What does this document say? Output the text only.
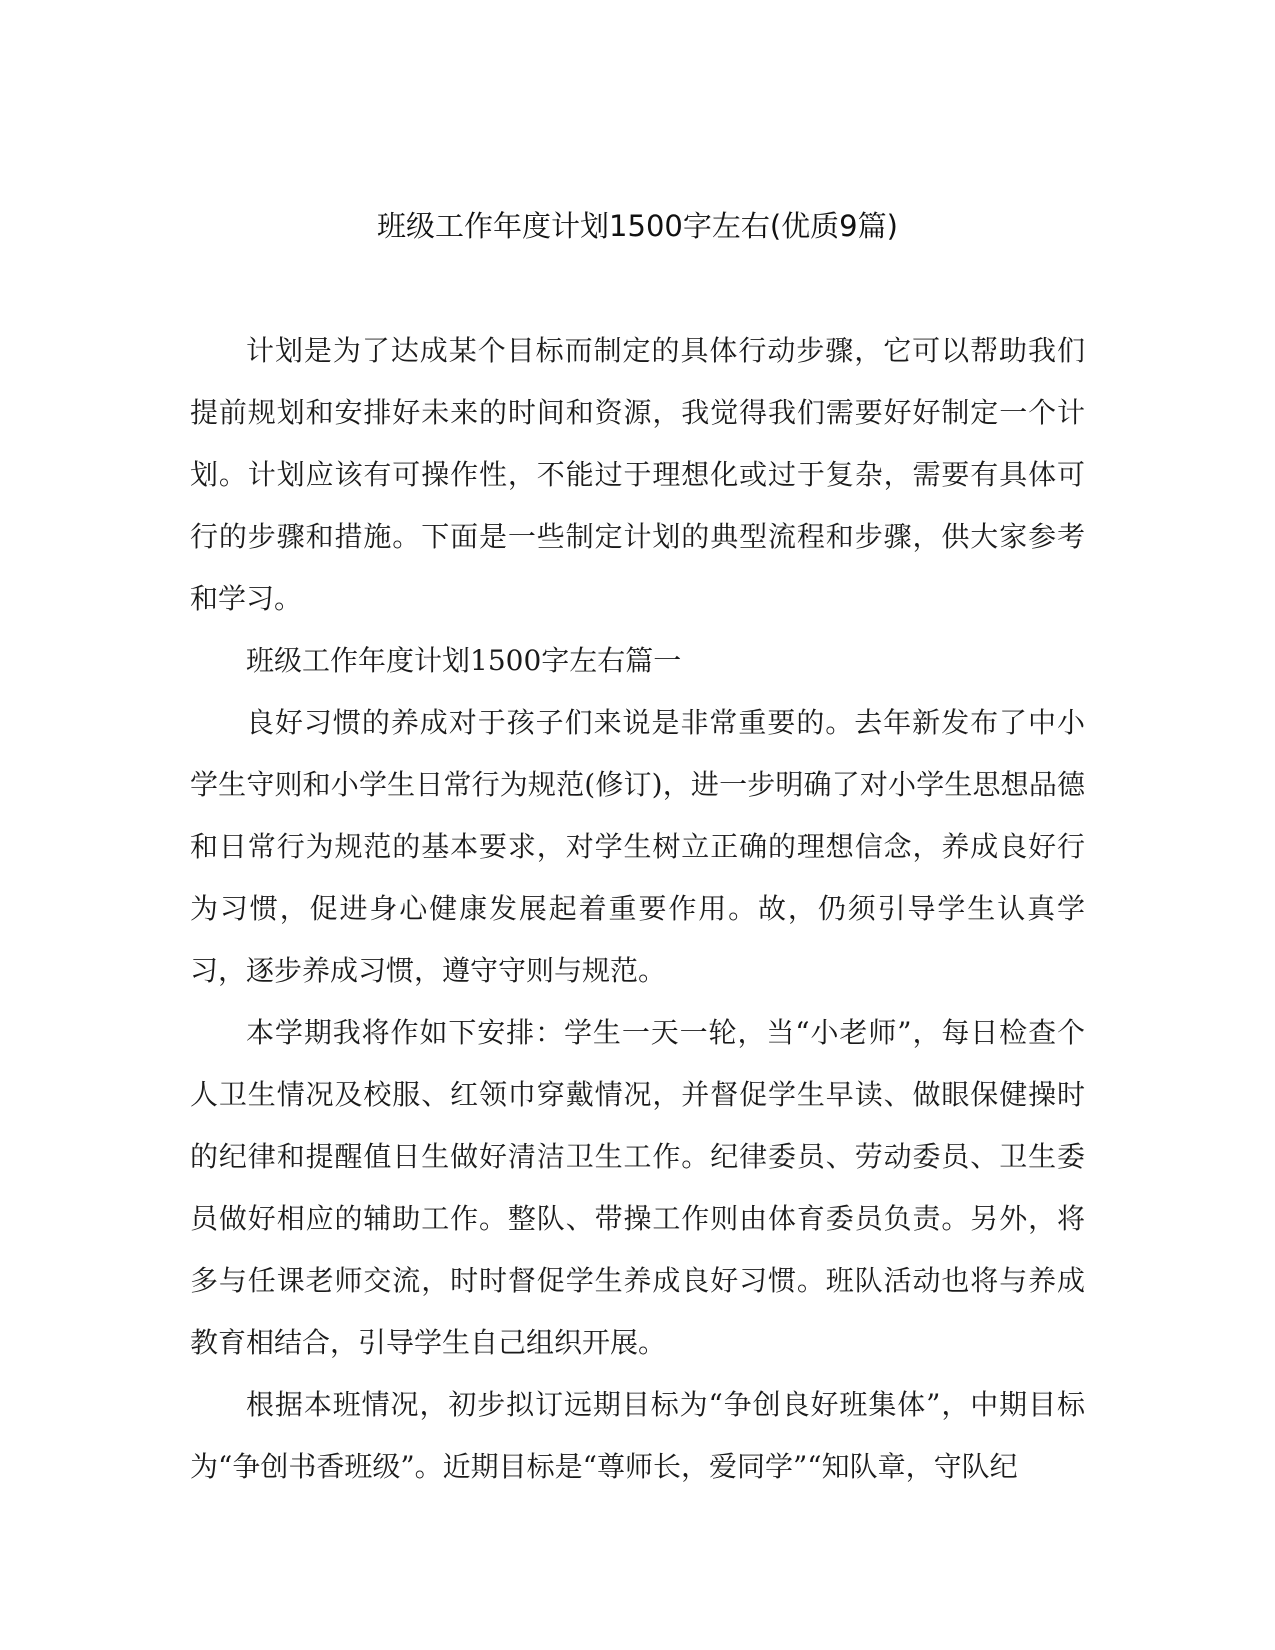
班级工作年度计划1500字左右(优质9篇)

计划是为了达成某个目标而制定的具体行动步骤，它可以帮助我们提前规划和安排好未来的时间和资源，我觉得我们需要好好制定一个计划。计划应该有可操作性，不能过于理想化或过于复杂，需要有具体可行的步骤和措施。下面是一些制定计划的典型流程和步骤，供大家参考和学习。

班级工作年度计划1500字左右篇一

良好习惯的养成对于孩子们来说是非常重要的。去年新发布了中小学生守则和小学生日常行为规范(修订)，进一步明确了对小学生思想品德和日常行为规范的基本要求，对学生树立正确的理想信念，养成良好行为习惯，促进身心健康发展起着重要作用。故，仍须引导学生认真学习，逐步养成习惯，遵守守则与规范。

本学期我将作如下安排：学生一天一轮，当“小老师”，每日检查个人卫生情况及校服、红领巾穿戴情况，并督促学生早读、做眼保健操时的纪律和提醒值日生做好清洁卫生工作。纪律委员、劳动委员、卫生委员做好相应的辅助工作。整队、带操工作则由体育委员负责。另外，将多与任课老师交流，时时督促学生养成良好习惯。班队活动也将与养成教育相结合，引导学生自己组织开展。

根据本班情况，初步拟订远期目标为“争创良好班集体”，中期目标为“争创书香班级”。近期目标是“尊师长，爱同学”“知队章，守队纪
